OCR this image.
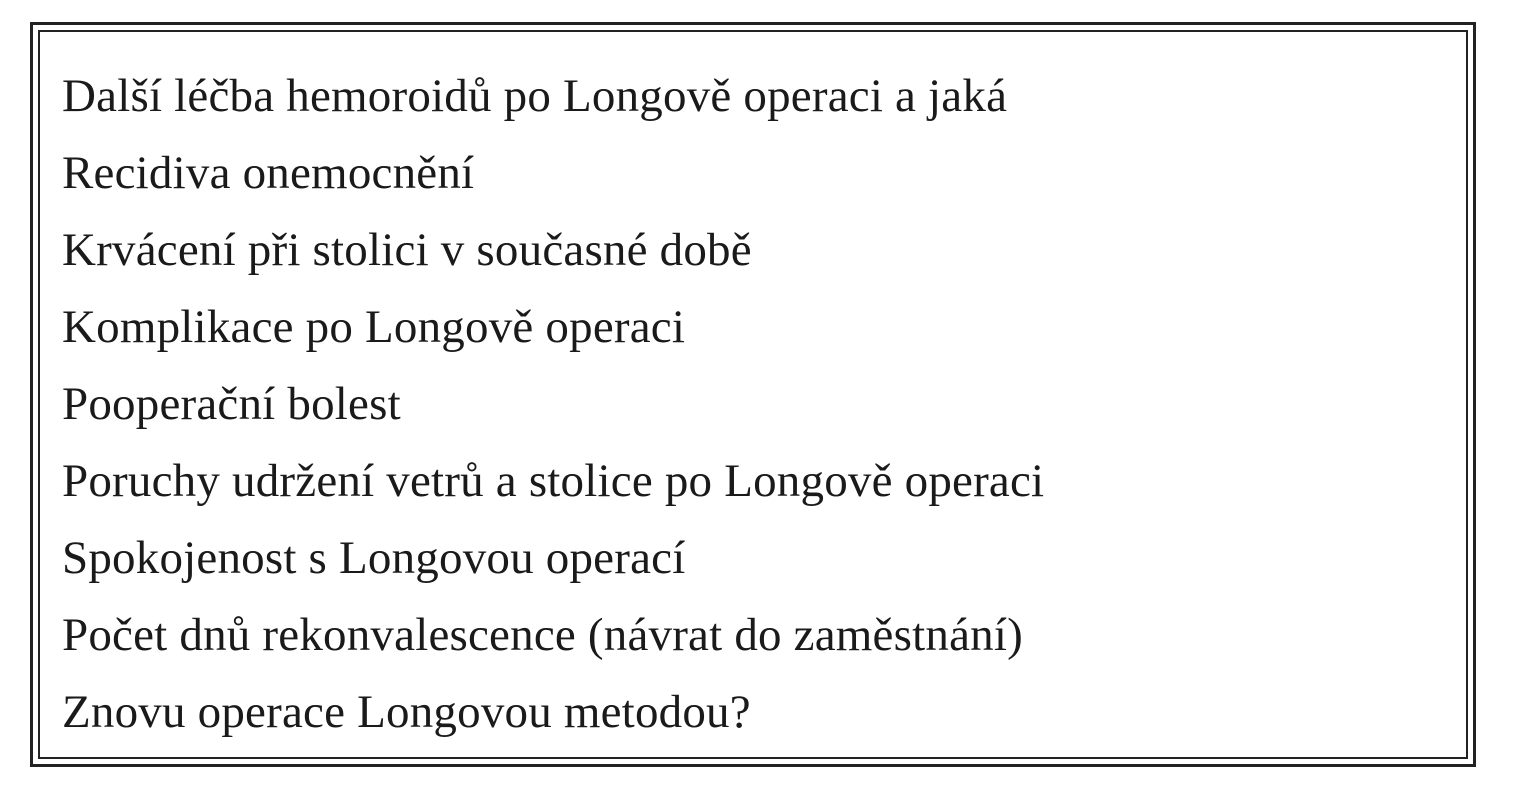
Další léčba hemoroidů po Longově operaci a jaká
Recidiva onemocnění
Krvácení při stolici v současné době
Komplikace po Longově operaci
Pooperační bolest
Poruchy udržení vetrů a stolice po Longově operaci
Spokojenost s Longovou operací
Počet dnů rekonvalescence (návrat do zaměstnání)
Znovu operace Longovou metodou?
